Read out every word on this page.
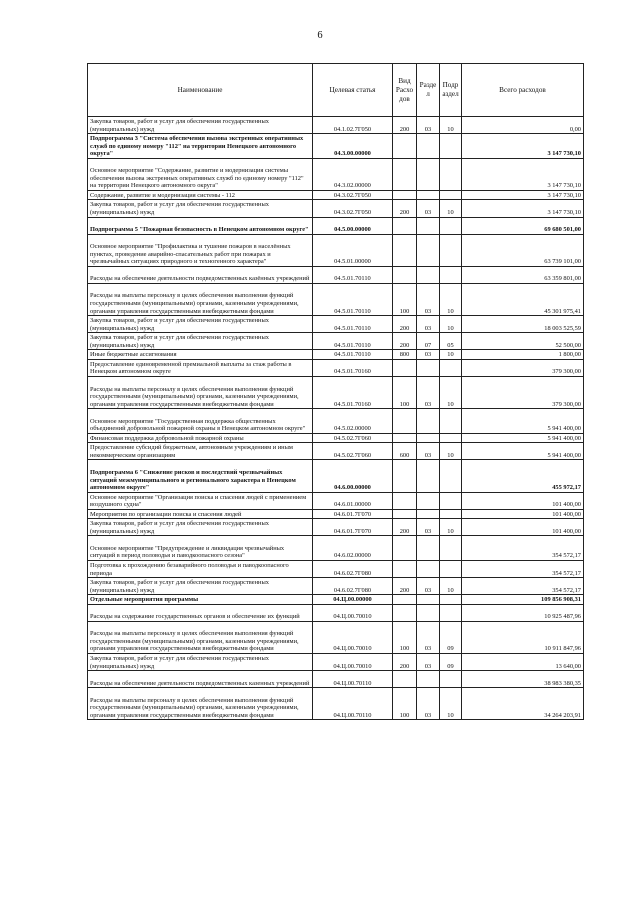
6
Наименование	Целевая статья	Вид Расхо дов	Разде л	Подр аздел	Всего расходов
Закупка товаров, работ и услуг для обеспечения государственных (муниципальных) нужд	04.1.02.7Г050	200	03	10	0,00
Подпрограмма 3 "Система обеспечения вызова экстренных оперативных служб по единому номеру "112" на территории Ненецкого автономного округа"	04.3.00.00000				3 147 730,10
Основное мероприятие "Содержание, развитие и модернизация системы обеспечения вызова экстренных оперативных служб по единому номеру "112" на территории Ненецкого автономного округа"	04.3.02.00000				3 147 730,10
Содержание, развитие и модернизация системы - 112	04.3.02.7Г050				3 147 730,10
Закупка товаров, работ и услуг для обеспечения государственных (муниципальных) нужд	04.3.02.7Г050	200	03	10	3 147 730,10
Подпрограмма 5 "Пожарная безопасность в Ненецком автономном округе"	04.5.00.00000				69 680 501,00
Основное мероприятие "Профилактика и тушение пожаров в населённых пунктах, проведение аварийно-спасательных работ при пожарах и чрезвычайных ситуациях природного и техногенного характера"	04.5.01.00000				63 739 101,00
Расходы на обеспечение деятельности подведомственных казённых учреждений	04.5.01.70110				63 359 801,00
Расходы на выплаты персоналу в целях обеспечения выполнения функций государственными (муниципальными) органами, казенными учреждениями, органами управления государственными внебюджетными фондами	04.5.01.70110	100	03	10	45 301 975,41
Закупка товаров, работ и услуг для обеспечения государственных (муниципальных) нужд	04.5.01.70110	200	03	10	18 003 525,59
Закупка товаров, работ и услуг для обеспечения государственных (муниципальных) нужд	04.5.01.70110	200	07	05	52 500,00
Иные бюджетные ассигнования	04.5.01.70110	800	03	10	1 800,00
Предоставление единовременной премиальной выплаты за стаж работы в Ненецком автономном округе	04.5.01.70160				379 300,00
Расходы на выплаты персоналу в целях обеспечения выполнения функций государственными (муниципальными) органами, казенными учреждениями, органами управления государственными внебюджетными фондами	04.5.01.70160	100	03	10	379 300,00
Основное мероприятие "Государственная поддержка общественных объединений добровольной пожарной охраны в Ненецком автономном округе"	04.5.02.00000				5 941 400,00
Финансовая поддержка добровольной пожарной охраны	04.5.02.7Г060				5 941 400,00
Предоставление субсидий бюджетным, автономным учреждениям и иным некоммерческим организациям	04.5.02.7Г060	600	03	10	5 941 400,00
Подпрограмма 6 "Снижение рисков и последствий чрезвычайных ситуаций межмуниципального и регионального характера в Ненецком автономном округе"	04.6.00.00000				455 972,17
Основное мероприятие "Организация поиска и спасения людей с применением воздушного судна"	04.6.01.00000				101 400,00
Мероприятия по организации поиска и спасения людей	04.6.01.7Г070				101 400,00
Закупка товаров, работ и услуг для обеспечения государственных (муниципальных) нужд	04.6.01.7Г070	200	03	10	101 400,00
Основное мероприятие "Предупреждение и ликвидация чрезвычайных ситуаций в период половодья и паводкоопасного сезона"	04.6.02.00000				354 572,17
Подготовка к прохождению безаварийного половодья и паводкоопасного периода	04.6.02.7Г080				354 572,17
Закупка товаров, работ и услуг для обеспечения государственных (муниципальных) нужд	04.6.02.7Г080	200	03	10	354 572,17
Отдельные мероприятия программы	04.Ц.00.00000				109 856 908,31
Расходы на содержание государственных органов и обеспечение их функций	04.Ц.00.70010				10 925 487,96
Расходы на выплаты персоналу в целях обеспечения выполнения функций государственными (муниципальными) органами, казенными учреждениями, органами управления государственными внебюджетными фондами	04.Ц.00.70010	100	03	09	10 911 847,96
Закупка товаров, работ и услуг для обеспечения государственных (муниципальных) нужд	04.Ц.00.70010	200	03	09	13 640,00
Расходы на обеспечение деятельности подведомственных казенных учреждений	04.Ц.00.70110				38 983 380,35
Расходы на выплаты персоналу в целях обеспечения выполнения функций государственными (муниципальными) органами, казенными учреждениями, органами управления государственными внебюджетными фондами	04.Ц.00.70110	100	03	10	34 264 203,91
